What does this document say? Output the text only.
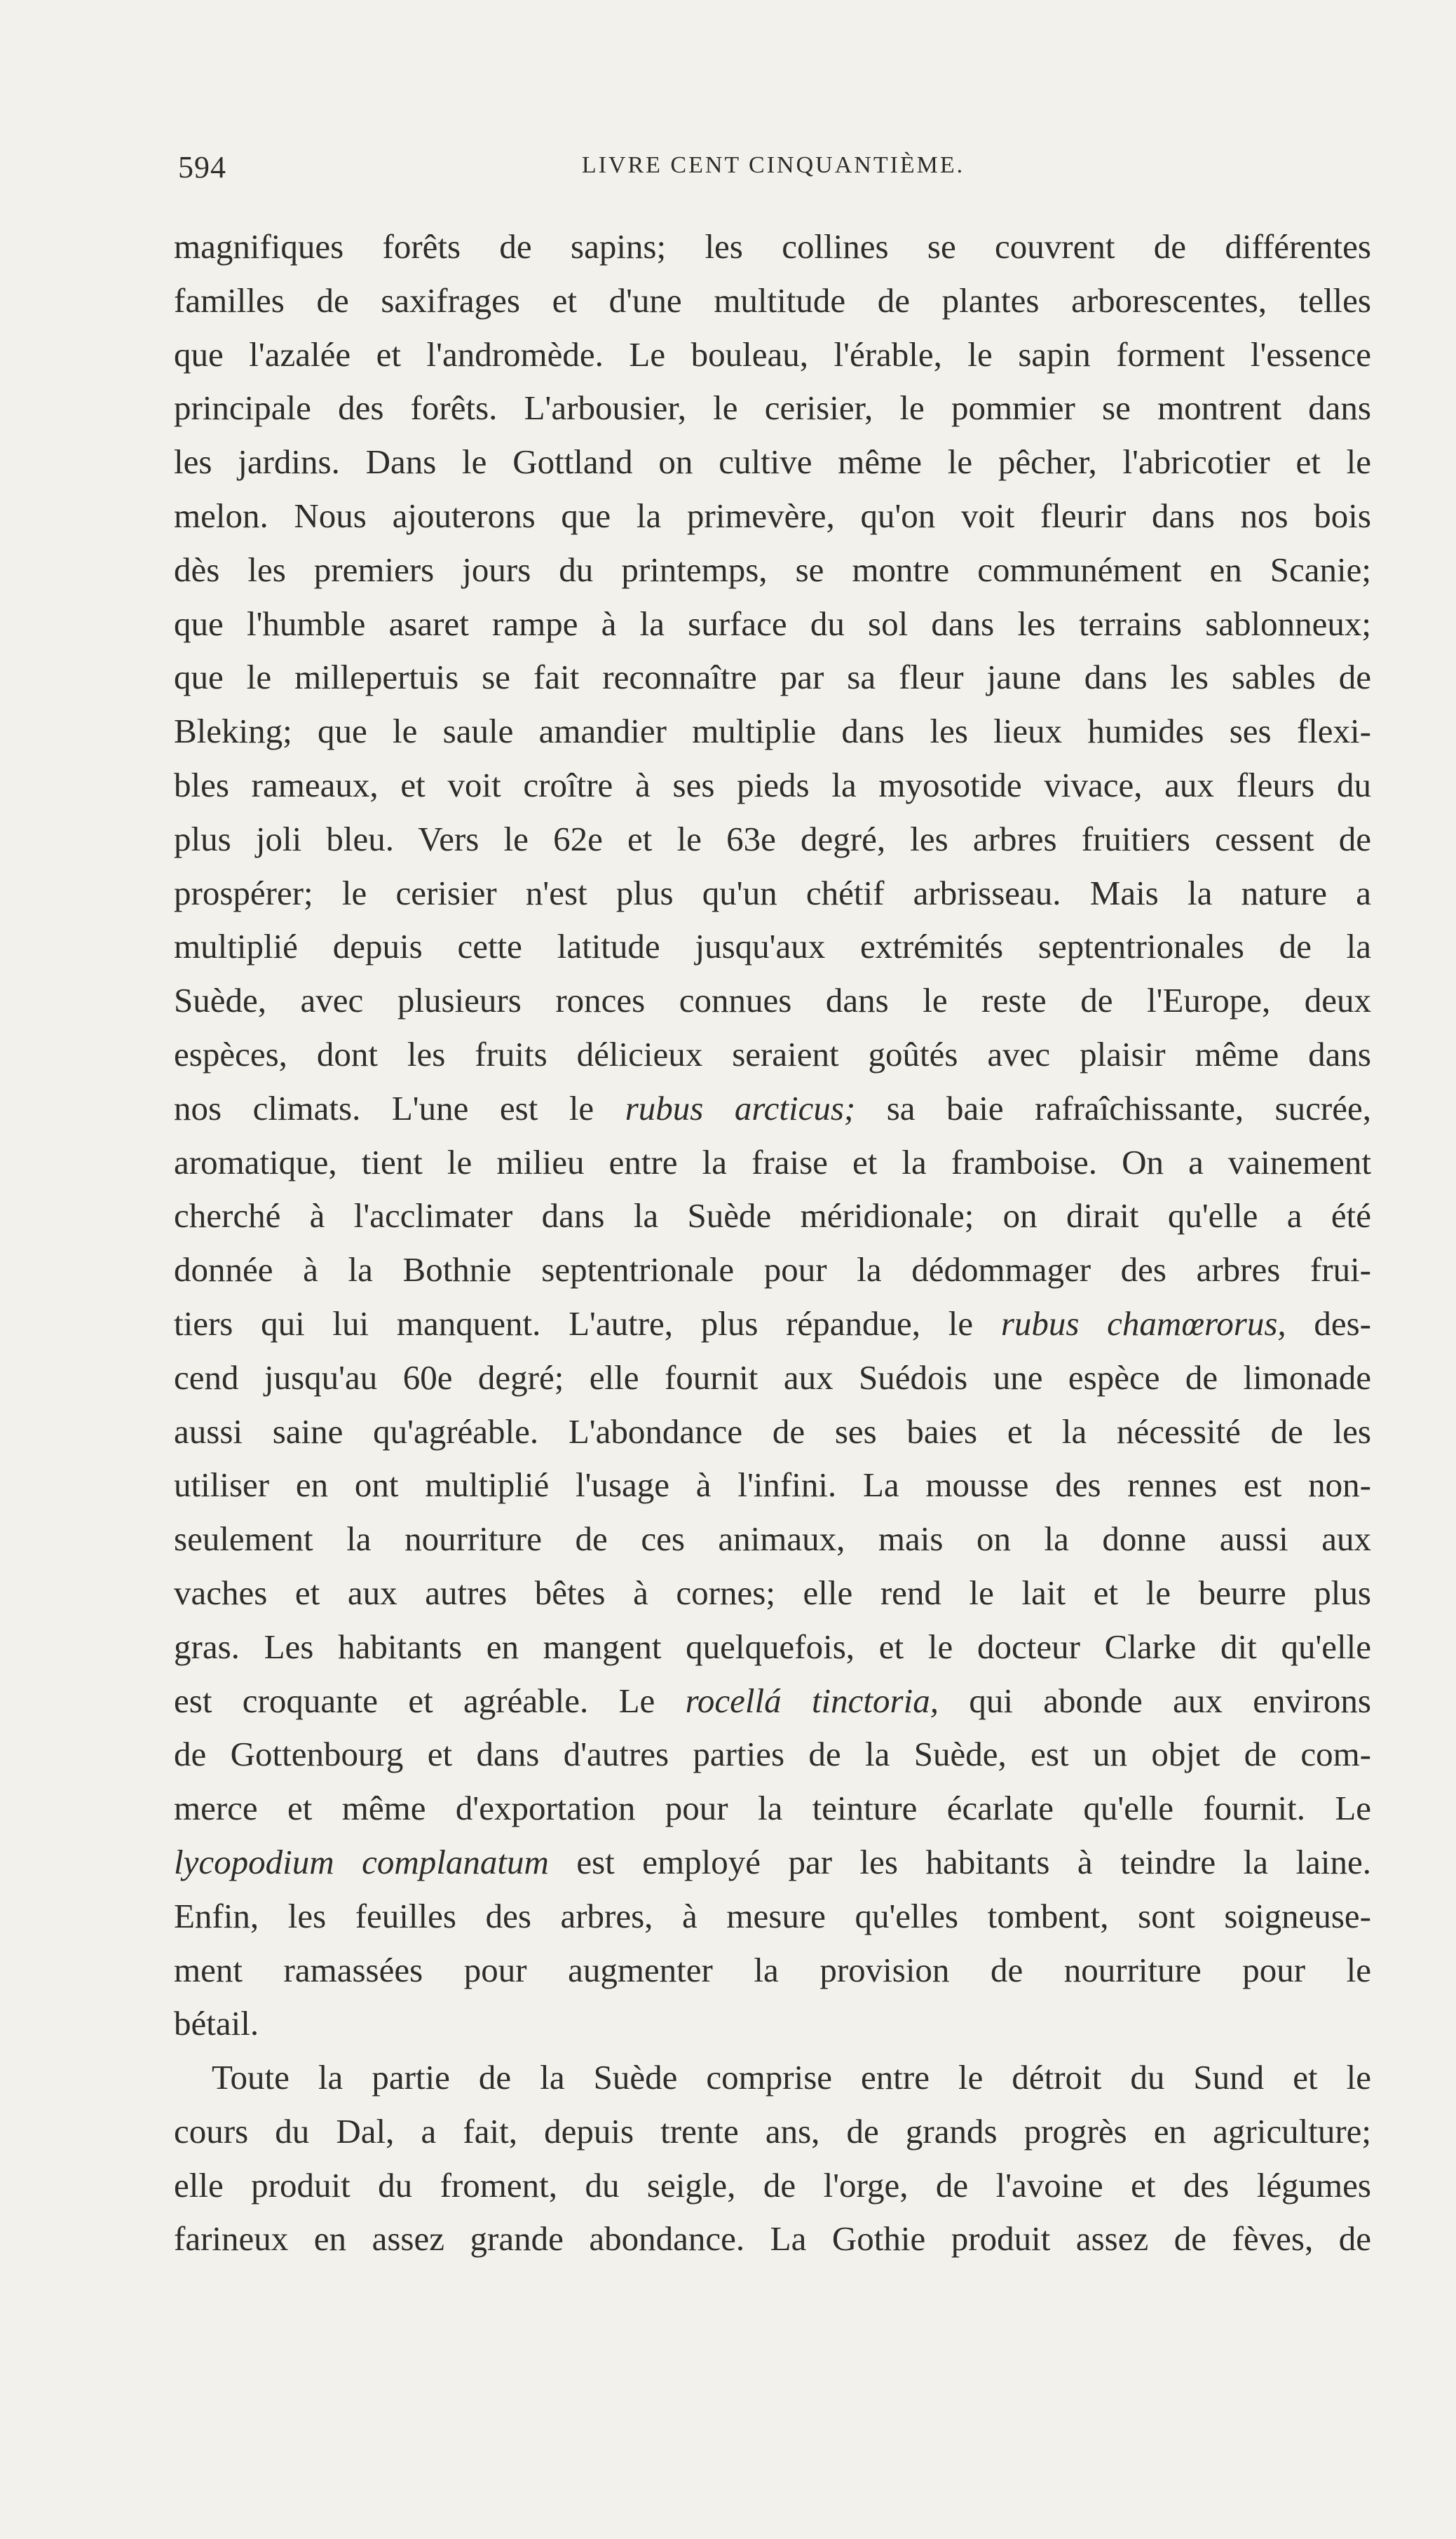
594	LIVRE CENT CINQUANTIÈME.
magnifiques forêts de sapins; les collines se couvrent de différentes
familles de saxifrages et d'une multitude de plantes arborescentes, telles
que l'azalée et l'andromède. Le bouleau, l'érable, le sapin forment l'essence
principale des forêts. L'arbousier, le cerisier, le pommier se montrent dans
les jardins. Dans le Gottland on cultive même le pêcher, l'abricotier et le
melon. Nous ajouterons que la primevère, qu'on voit fleurir dans nos bois
dès les premiers jours du printemps, se montre communément en Scanie;
que l'humble asaret rampe à la surface du sol dans les terrains sablonneux;
que le millepertuis se fait reconnaître par sa fleur jaune dans les sables de
Bleking; que le saule amandier multiplie dans les lieux humides ses flexi-
bles rameaux, et voit croître à ses pieds la myosotide vivace, aux fleurs du
plus joli bleu. Vers le 62e et le 63e degré, les arbres fruitiers cessent de
prospérer; le cerisier n'est plus qu'un chétif arbrisseau. Mais la nature a
multiplié depuis cette latitude jusqu'aux extrémités septentrionales de la
Suède, avec plusieurs ronces connues dans le reste de l'Europe, deux
espèces, dont les fruits délicieux seraient goûtés avec plaisir même dans
nos climats. L'une est le rubus arcticus; sa baie rafraîchissante, sucrée,
aromatique, tient le milieu entre la fraise et la framboise. On a vainement
cherché à l'acclimater dans la Suède méridionale; on dirait qu'elle a été
donnée à la Bothnie septentrionale pour la dédommager des arbres frui-
tiers qui lui manquent. L'autre, plus répandue, le rubus chamœrorus, des-
cend jusqu'au 60e degré; elle fournit aux Suédois une espèce de limonade
aussi saine qu'agréable. L'abondance de ses baies et la nécessité de les
utiliser en ont multiplié l'usage à l'infini. La mousse des rennes est non-
seulement la nourriture de ces animaux, mais on la donne aussi aux
vaches et aux autres bêtes à cornes; elle rend le lait et le beurre plus
gras. Les habitants en mangent quelquefois, et le docteur Clarke dit qu'elle
est croquante et agréable. Le rocellá tinctoria, qui abonde aux environs
de Gottenbourg et dans d'autres parties de la Suède, est un objet de com-
merce et même d'exportation pour la teinture écarlate qu'elle fournit. Le
lycopodium complanatum est employé par les habitants à teindre la laine.
Enfin, les feuilles des arbres, à mesure qu'elles tombent, sont soigneuse-
ment ramassées pour augmenter la provision de nourriture pour le
bétail.
Toute la partie de la Suède comprise entre le détroit du Sund et le
cours du Dal, a fait, depuis trente ans, de grands progrès en agriculture;
elle produit du froment, du seigle, de l'orge, de l'avoine et des légumes
farineux en assez grande abondance. La Gothie produit assez de fèves, de
